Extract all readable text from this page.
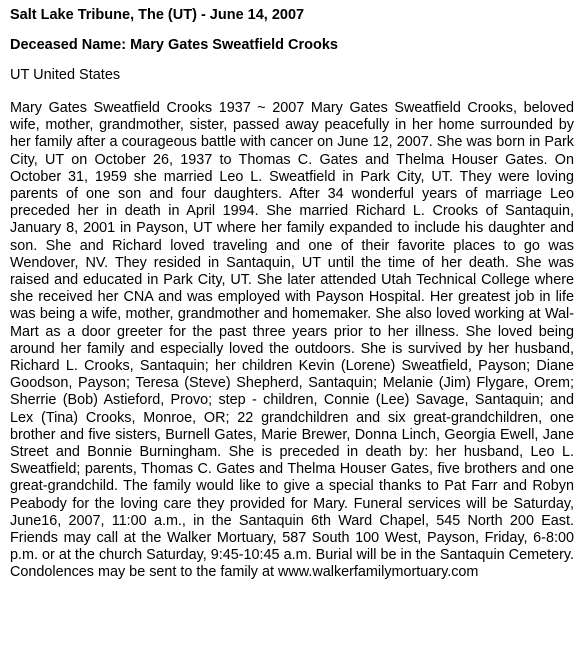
Salt Lake Tribune, The (UT) - June 14, 2007

Deceased Name: Mary Gates Sweatfield Crooks

UT United States

Mary Gates Sweatfield Crooks 1937 ~ 2007 Mary Gates Sweatfield Crooks, beloved wife, mother, grandmother, sister, passed away peacefully in her home surrounded by her family after a courageous battle with cancer on June 12, 2007. She was born in Park City, UT on October 26, 1937 to Thomas C. Gates and Thelma Houser Gates. On October 31, 1959 she married Leo L. Sweatfield in Park City, UT. They were loving parents of one son and four daughters. After 34 wonderful years of marriage Leo preceded her in death in April 1994. She married Richard L. Crooks of Santaquin, January 8, 2001 in Payson, UT where her family expanded to include his daughter and son. She and Richard loved traveling and one of their favorite places to go was Wendover, NV. They resided in Santaquin, UT until the time of her death. She was raised and educated in Park City, UT. She later attended Utah Technical College where she received her CNA and was employed with Payson Hospital. Her greatest job in life was being a wife, mother, grandmother and homemaker. She also loved working at Wal-Mart as a door greeter for the past three years prior to her illness. She loved being around her family and especially loved the outdoors. She is survived by her husband, Richard L. Crooks, Santaquin; her children Kevin (Lorene) Sweatfield, Payson; Diane Goodson, Payson; Teresa (Steve) Shepherd, Santaquin; Melanie (Jim) Flygare, Orem; Sherrie (Bob) Astieford, Provo; step - children, Connie (Lee) Savage, Santaquin; and Lex (Tina) Crooks, Monroe, OR; 22 grandchildren and six great-grandchildren, one brother and five sisters, Burnell Gates, Marie Brewer, Donna Linch, Georgia Ewell, Jane Street and Bonnie Burningham. She is preceded in death by: her husband, Leo L. Sweatfield; parents, Thomas C. Gates and Thelma Houser Gates, five brothers and one great-grandchild. The family would like to give a special thanks to Pat Farr and Robyn Peabody for the loving care they provided for Mary. Funeral services will be Saturday, June16, 2007, 11:00 a.m., in the Santaquin 6th Ward Chapel, 545 North 200 East. Friends may call at the Walker Mortuary, 587 South 100 West, Payson, Friday, 6-8:00 p.m. or at the church Saturday, 9:45-10:45 a.m. Burial will be in the Santaquin Cemetery. Condolences may be sent to the family at www.walkerfamilymortuary.com
